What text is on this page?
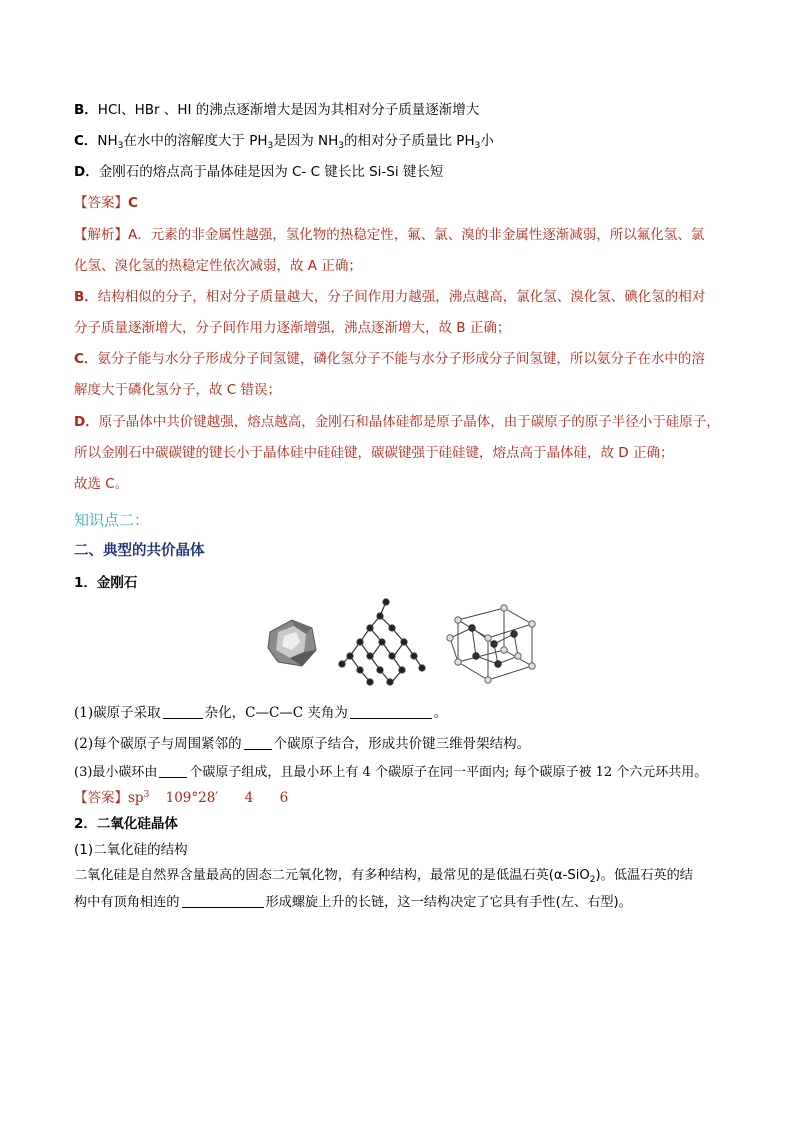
B．HCl、HBr 、HI 的沸点逐渐增大是因为其相对分子质量逐渐增大
C．$NH_3$在水中的溶解度大于 $PH_3$是因为 $NH_3$的相对分子质量比 $PH_3$小
D．金刚石的熔点高于晶体硅是因为 C- C 键长比 Si-Si 键长短
【答案】C
【解析】A．元素的非金属性越强，氢化物的热稳定性，氟、氯、溴的非金属性逐渐减弱，所以氟化氢、氯
化氢、溴化氢的热稳定性依次减弱，故 A 正确；
B．结构相似的分子，相对分子质量越大，分子间作用力越强，沸点越高，氯化氢、溴化氢、碘化氢的相对
分子质量逐渐增大，分子间作用力逐渐增强，沸点逐渐增大，故 B 正确；
C．氨分子能与水分子形成分子间氢键，磷化氢分子不能与水分子形成分子间氢键，所以氨分子在水中的溶
解度大于磷化氢分子，故 C 错误；
D．原子晶体中共价键越强，熔点越高，金刚石和晶体硅都是原子晶体，由于碳原子的原子半径小于硅原子，
所以金刚石中碳碳键的键长小于晶体硅中硅硅键，碳碳键强于硅硅键，熔点高于晶体硅，故 D 正确；
故选 C。
知识点二：
二、典型的共价晶体
1．金刚石
(1)碳原子采取	杂化，C—C—C 夹角为	。
(2)每个碳原子与周围紧邻的 个碳原子结合，形成共价键三维骨架结构。
(3)最小碳环由 个碳原子组成，且最小环上有 4 个碳原子在同一平面内; 每个碳原子被 12 个六元环共用。
【答案】$sp^3$ 109°28′ 4 6
2．二氧化硅晶体
(1)二氧化硅的结构
二氧化硅是自然界含量最高的固态二元氧化物，有多种结构，最常见的是低温石英(α-SiO$_2$)。低温石英的结
构中有顶角相连的	形成螺旋上升的长链，这一结构决定了它具有手性(左、右型)。
